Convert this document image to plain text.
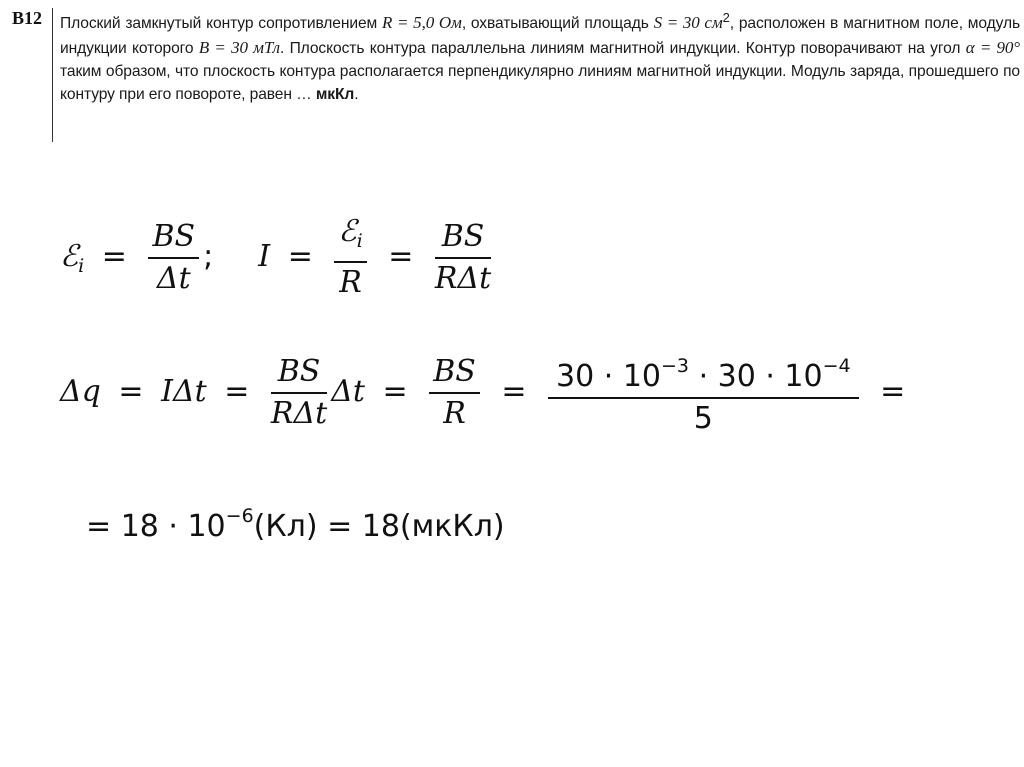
B12 Плоский замкнутый контур сопротивлением R = 5,0 Ом, охватывающий площадь S = 30 $см^2$, расположен в магнитном поле, модуль индукции которого B = 30 мТл. Плоскость контура параллельна линиям магнитной индукции. Контур поворачивают на угол α = 90° таким образом, что плоскость контура располагается перпендикулярно линиям магнитной индукции. Модуль заряда, прошедшего по контуру при его повороте, равен … мкКл.
ℰ$_i$ = $\frac{BS}{\Delta t}$ ; $I = \frac{ℰ_i}{R} = \frac{BS}{\text{RΔt}}$
$\Delta q = I\Delta t = \frac{BS}{\text{RΔt}}$ $\Delta t = \frac{BS}{R} = \frac{30 \cdot 10^{-3} \cdot 30 \cdot 10^{-4}}{5}$ =
= $18 \cdot 10^{-6}(Кл)$ = 18(мкКл)
